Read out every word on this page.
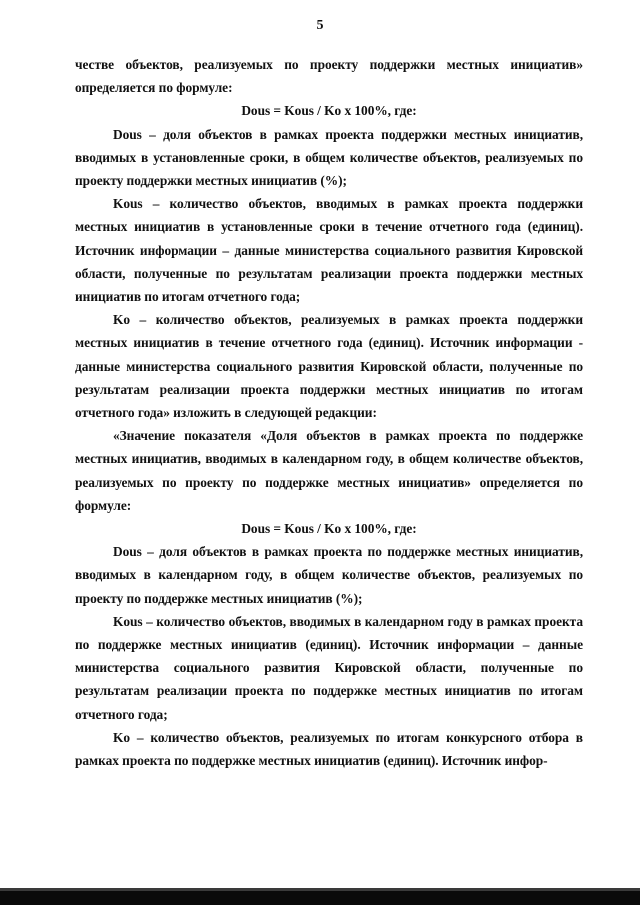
5

честве объектов, реализуемых по проекту поддержки местных инициатив» определяется по формуле:

Dous = Kous / Ko x 100%, где:

Dous – доля объектов в рамках проекта поддержки местных инициатив, вводимых в установленные сроки, в общем количестве объектов, реализуемых по проекту поддержки местных инициатив (%);

Kous – количество объектов, вводимых в рамках проекта поддержки местных инициатив в установленные сроки в течение отчетного года (единиц). Источник информации – данные министерства социального развития Кировской области, полученные по результатам реализации проекта поддержки местных инициатив по итогам отчетного года;

Ko – количество объектов, реализуемых в рамках проекта поддержки местных инициатив в течение отчетного года (единиц). Источник информации - данные министерства социального развития Кировской области, полученные по результатам реализации проекта поддержки местных инициатив по итогам отчетного года» изложить в следующей редакции:

«Значение показателя «Доля объектов в рамках проекта по поддержке местных инициатив, вводимых в календарном году, в общем количестве объектов, реализуемых по проекту по поддержке местных инициатив» определяется по формуле:

Dous = Kous / Ko x 100%, где:

Dous – доля объектов в рамках проекта по поддержке местных инициатив, вводимых в календарном году, в общем количестве объектов, реализуемых по проекту по поддержке местных инициатив (%);

Kous – количество объектов, вводимых в календарном году в рамках проекта по поддержке местных инициатив (единиц). Источник информации – данные министерства социального развития Кировской области, полученные по результатам реализации проекта по поддержке местных инициатив по итогам отчетного года;

Ko – количество объектов, реализуемых по итогам конкурсного отбора в рамках проекта по поддержке местных инициатив (единиц). Источник инфор-
